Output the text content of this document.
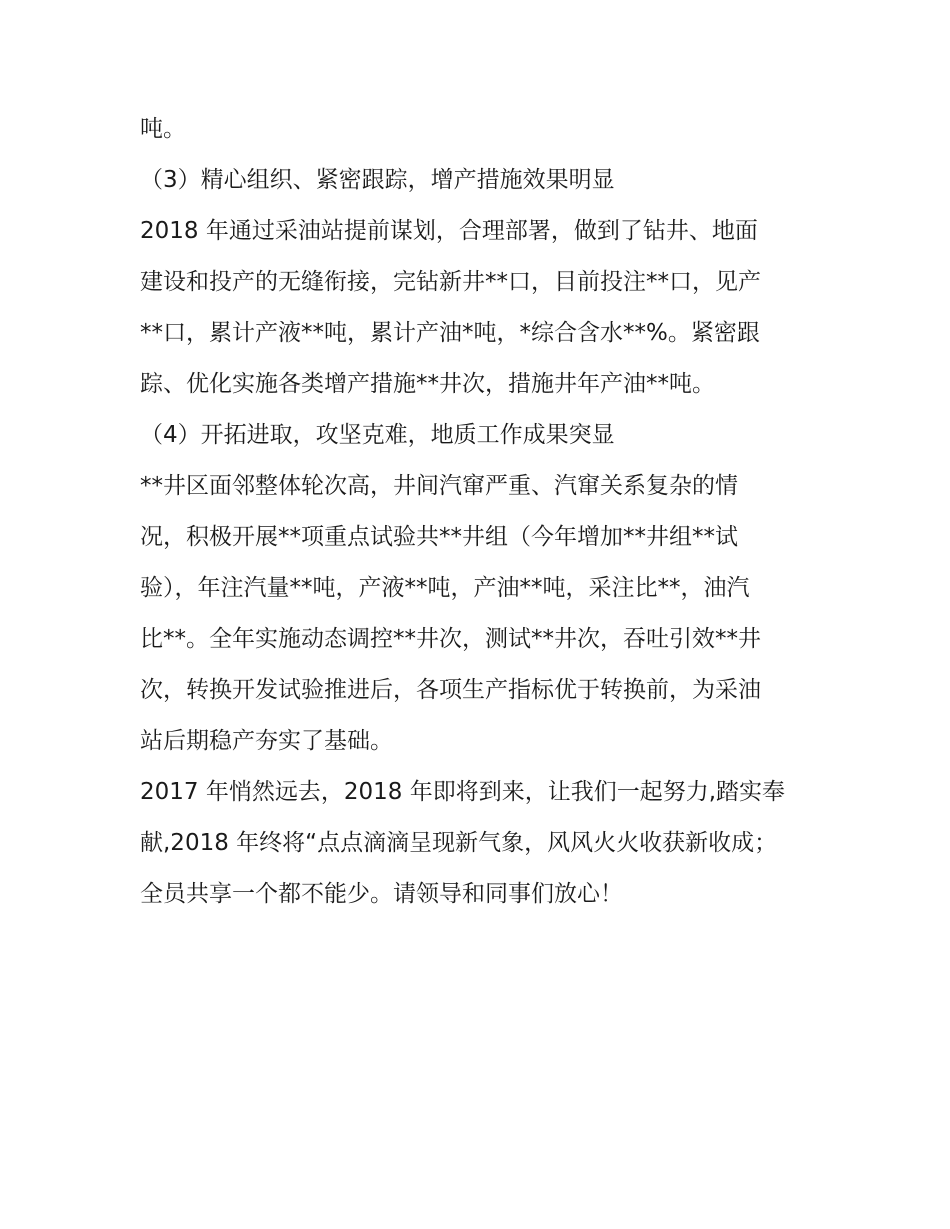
吨。
（3）精心组织、紧密跟踪，增产措施效果明显
2018 年通过采油站提前谋划，合理部署，做到了钻井、地面
建设和投产的无缝衔接，完钻新井**口，目前投注**口，见产
**口，累计产液**吨，累计产油*吨，*综合含水**%。紧密跟
踪、优化实施各类增产措施**井次，措施井年产油**吨。
（4）开拓进取，攻坚克难，地质工作成果突显
**井区面邻整体轮次高，井间汽窜严重、汽窜关系复杂的情
况，积极开展**项重点试验共**井组（今年增加**井组**试
验），年注汽量**吨，产液**吨，产油**吨，采注比**，油汽
比**。全年实施动态调控**井次，测试**井次，吞吐引效**井
次，转换开发试验推进后，各项生产指标优于转换前，为采油
站后期稳产夯实了基础。
2017 年悄然远去，2018 年即将到来，让我们一起努力,踏实奉
献,2018 年终将“点点滴滴呈现新气象，风风火火收获新收成；
全员共享一个都不能少。请领导和同事们放心！
